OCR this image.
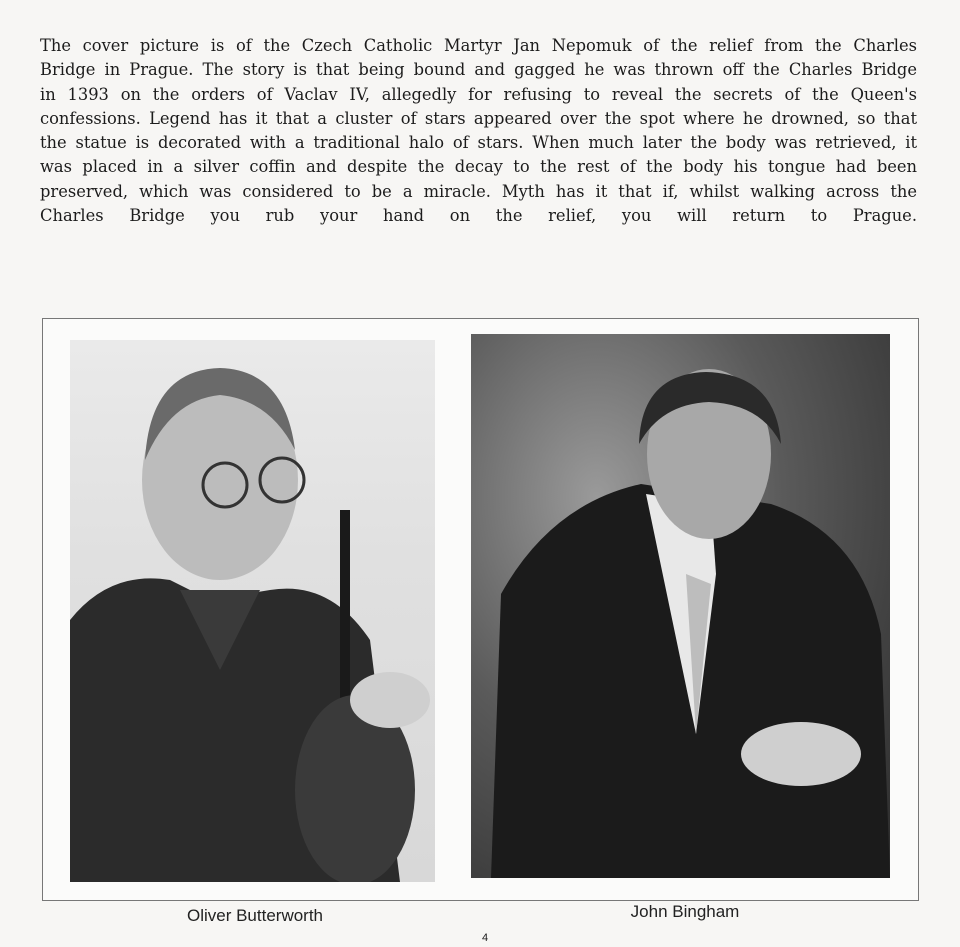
The cover picture is of the Czech Catholic Martyr Jan Nepomuk of the relief from the Charles
Bridge in Prague. The story is that being bound and gagged he was thrown off the Charles Bridge
in 1393 on the orders of Vaclav IV, allegedly for refusing to reveal the secrets of the Queen's
confessions. Legend has it that a cluster of stars appeared over the spot where he drowned, so that
the statue is decorated with a traditional halo of stars. When much later the body was retrieved, it
was placed in a silver coffin and despite the decay to the rest of the body his tongue had been
preserved, which was considered to be a miracle. Myth has it that if, whilst walking across the
Charles Bridge you rub your hand on the relief, you will return to Prague.
Oliver Butterworth	John Bingham
4
